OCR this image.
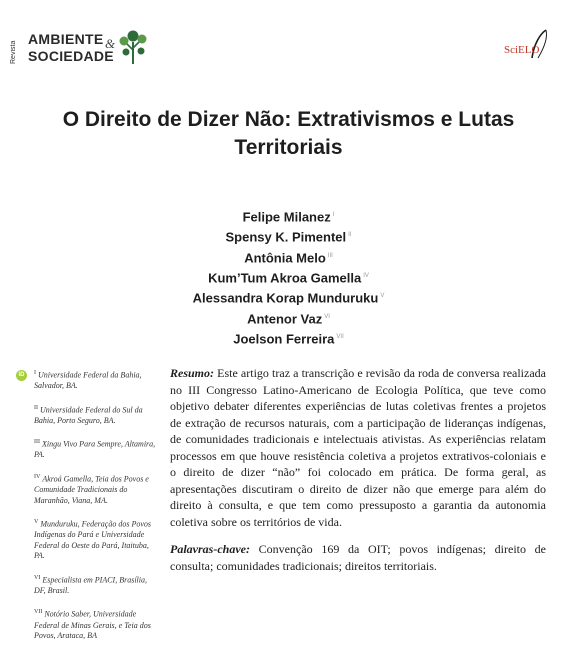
Revista
AMBIENTE &
SOCIEDADE	SciELO
O Direito de Dizer Não: Extrativismos e Lutas Territoriais
Felipe Milanez $^I$
Spensy K. Pimentel $^{II}$
Antônia Melo $^{III}$
Kum’Tum Akroa Gamella $^{IV}$
Alessandra Korap Munduruku $^V$
Antenor Vaz $^{VI}$
Joelson Ferreira $^{VII}$
iD	$^I$ Universidade Federal da Bahia, Salvador, BA.
$^{II}$ Universidade Federal do Sul da Bahia, Porto Seguro, BA.
$^{III}$ Xingu Vivo Para Sempre, Altamira, PA.
$^{IV}$ Akroá Gamella, Teia dos Povos e Comunidade Tradicionais do Maranhão, Viana, MA.
$^V$ Munduruku, Federação dos Povos Indígenas do Pará e Universidade Federal do Oeste do Pará, Itaituba, PA.
$^{VI}$ Especialista em PIACI, Brasília, DF, Brasil.
$^{VII}$ Notório Saber, Universidade Federal de Minas Gerais, e Teia dos Povos, Arataca, BA

Resumo: Este artigo traz a transcrição e revisão da roda de conversa realizada no III Congresso Latino-Americano de Ecologia Política, que teve como objetivo debater diferentes experiências de lutas coletivas frentes a projetos de extração de recursos naturais, com a participação de lideranças indígenas, de comunidades tradicionais e intelectuais ativistas. As experiências relatam processos em que houve resistência coletiva a projetos extrativos-coloniais e o direito de dizer “não” foi colocado em prática. De forma geral, as apresentações discutiram o direito de dizer não que emerge para além do direito à consulta, e que tem como pressuposto a garantia da autonomia coletiva sobre os territórios de vida.

Palavras-chave: Convenção 169 da OIT; povos indígenas; direito de consulta; comunidades tradicionais; direitos territoriais.
